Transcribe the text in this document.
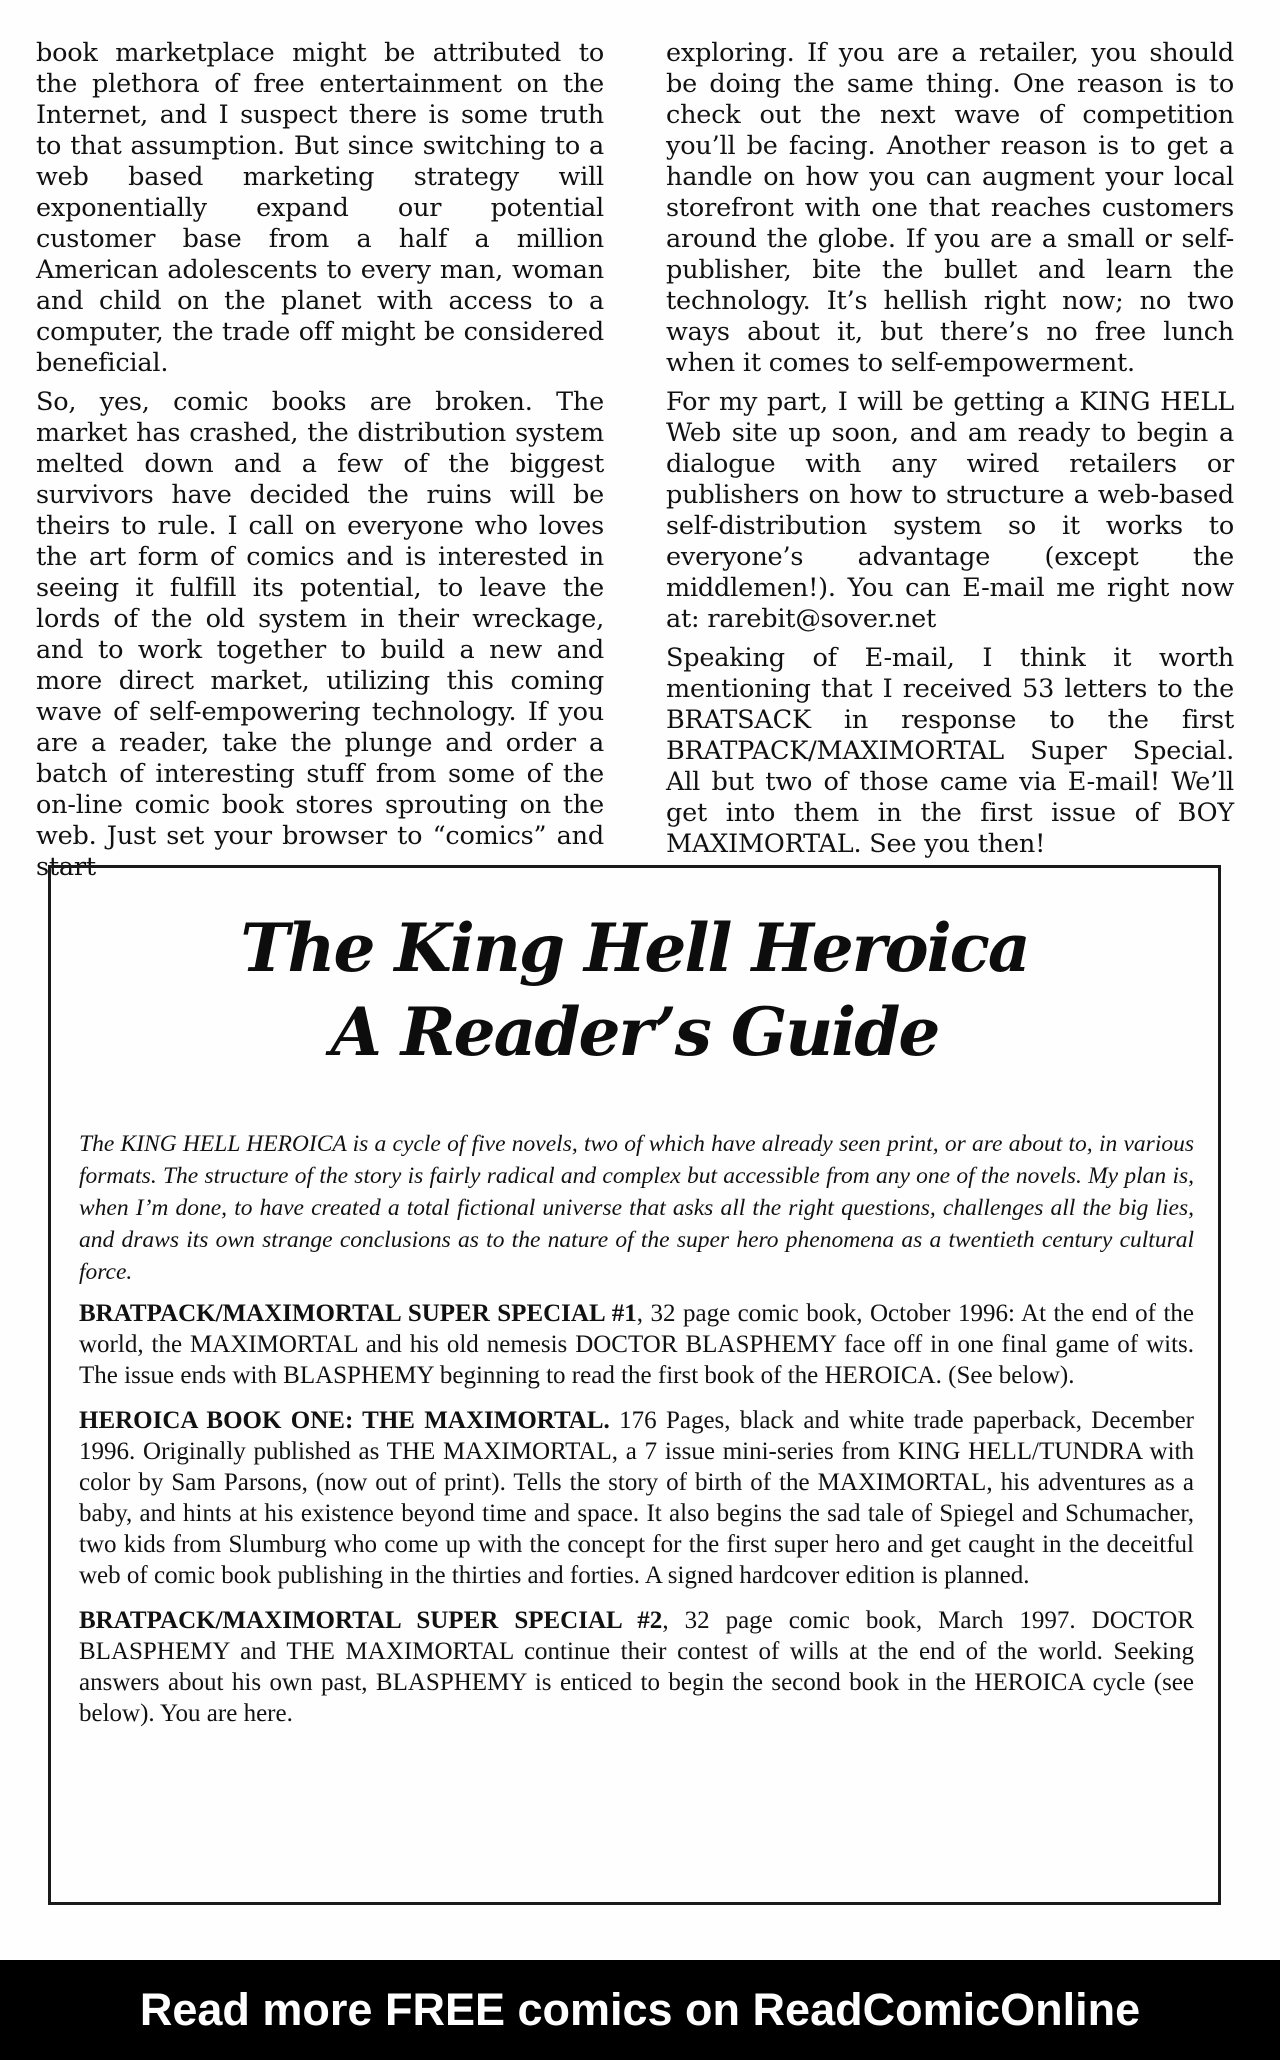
book marketplace might be attributed to the plethora of free entertainment on the Internet, and I suspect there is some truth to that assumption. But since switching to a web based marketing strategy will exponentially expand our potential customer base from a half a million American adolescents to every man, woman and child on the planet with access to a computer, the trade off might be considered beneficial.

So, yes, comic books are broken. The market has crashed, the distribution system melted down and a few of the biggest survivors have decided the ruins will be theirs to rule. I call on everyone who loves the art form of comics and is interested in seeing it fulfill its potential, to leave the lords of the old system in their wreckage, and to work together to build a new and more direct market, utilizing this coming wave of self-empowering technology. If you are a reader, take the plunge and order a batch of interesting stuff from some of the on-line comic book stores sprouting on the web. Just set your browser to “comics” and start

exploring. If you are a retailer, you should be doing the same thing. One reason is to check out the next wave of competition you’ll be facing. Another reason is to get a handle on how you can augment your local storefront with one that reaches customers around the globe. If you are a small or self-publisher, bite the bullet and learn the technology. It’s hellish right now; no two ways about it, but there’s no free lunch when it comes to self-empowerment.

For my part, I will be getting a KING HELL Web site up soon, and am ready to begin a dialogue with any wired retailers or publishers on how to structure a web-based self-distribution system so it works to everyone’s advantage (except the middlemen!). You can E-mail me right now at: rarebit@sover.net

Speaking of E-mail, I think it worth mentioning that I received 53 letters to the BRATSACK in response to the first BRATPACK/MAXIMORTAL Super Special. All but two of those came via E-mail! We’ll get into them in the first issue of BOY MAXIMORTAL. See you then!

The King Hell Heroica
A Reader’s Guide
The KING HELL HEROICA is a cycle of five novels, two of which have already seen print, or are about to, in various formats. The structure of the story is fairly radical and complex but accessible from any one of the novels. My plan is, when I’m done, to have created a total fictional universe that asks all the right questions, challenges all the big lies, and draws its own strange conclusions as to the nature of the super hero phenomena as a twentieth century cultural force.

BRATPACK/MAXIMORTAL SUPER SPECIAL #1, 32 page comic book, October 1996: At the end of the world, the MAXIMORTAL and his old nemesis DOCTOR BLASPHEMY face off in one final game of wits. The issue ends with BLASPHEMY beginning to read the first book of the HEROICA. (See below).

HEROICA BOOK ONE: THE MAXIMORTAL. 176 Pages, black and white trade paperback, December 1996. Originally published as THE MAXIMORTAL, a 7 issue mini-series from KING HELL/TUNDRA with color by Sam Parsons, (now out of print). Tells the story of birth of the MAXIMORTAL, his adventures as a baby, and hints at his existence beyond time and space. It also begins the sad tale of Spiegel and Schumacher, two kids from Slumburg who come up with the concept for the first super hero and get caught in the deceitful web of comic book publishing in the thirties and forties. A signed hardcover edition is planned.

BRATPACK/MAXIMORTAL SUPER SPECIAL #2, 32 page comic book, March 1997. DOCTOR BLASPHEMY and THE MAXIMORTAL continue their contest of wills at the end of the world. Seeking answers about his own past, BLASPHEMY is enticed to begin the second book in the HEROICA cycle (see below). You are here.

Read more FREE comics on ReadComicOnline
